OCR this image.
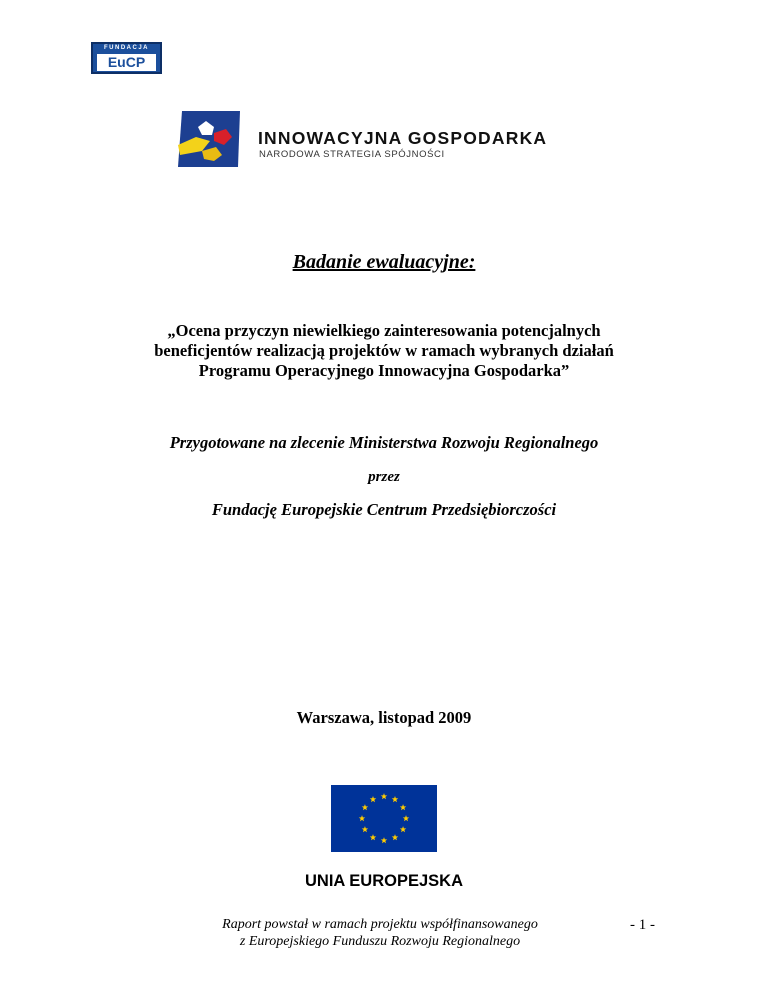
FUNDACJA
EuCP
INNOWACYJNA GOSPODARKA
NARODOWA STRATEGIA SPÓJNOŚCI
Badanie ewaluacyjne:
„Ocena przyczyn niewielkiego zainteresowania potencjalnych
beneficjentów realizacją projektów w ramach wybranych działań
Programu Operacyjnego Innowacyjna Gospodarka”
Przygotowane na zlecenie Ministerstwa Rozwoju Regionalnego
przez
Fundację Europejskie Centrum Przedsiębiorczości
Warszawa, listopad 2009
UNIA EUROPEJSKA
Raport powstał w ramach projektu współfinansowanego
z Europejskiego Funduszu Rozwoju Regionalnego
- 1 -
